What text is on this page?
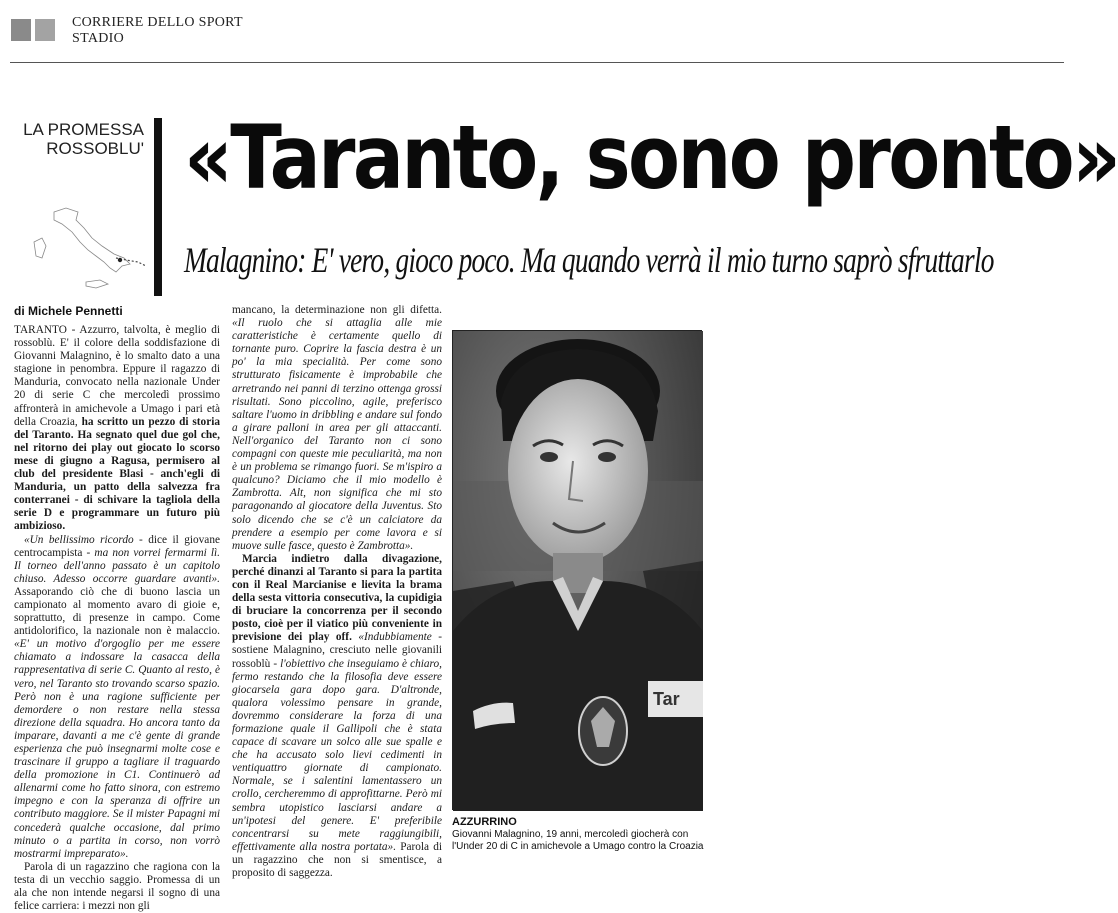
CORRIERE DELLO SPORT
STADIO
LA PROMESSA
ROSSOBLU' «Taranto, sono pronto»
Malagnino: E' vero, gioco poco. Ma quando verrà il mio turno saprò sfruttarlo
di Michele Pennetti

TARANTO - Azzurro, talvolta, è meglio di rossoblù. E' il colore della soddisfazione di Giovanni Malagnino, è lo smalto dato a una stagione in penombra. Eppure il ragazzo di Manduria, convocato nella nazionale Under 20 di serie C che mercoledì prossimo affronterà in amichevole a Umago i pari età della Croazia, ha scritto un pezzo di storia del Taranto. Ha segnato quel due gol che, nel ritorno dei play out giocato lo scorso mese di giugno a Ragusa, permisero al club del presidente Blasi - anch'egli di Manduria, un patto della salvezza fra conterranei - di schivare la tagliola della serie D e programmare un futuro più ambizioso.

«Un bellissimo ricordo - dice il giovane centrocampista - ma non vorrei fermarmi lì. Il torneo dell'anno passato è un capitolo chiuso. Adesso occorre guardare avanti». Assaporando ciò che di buono lascia un campionato al momento avaro di gioie e, soprattutto, di presenze in campo. Come antidolorifico, la nazionale non è malaccio. «E' un motivo d'orgoglio per me essere chiamato a indossare la casacca della rappresentativa di serie C. Quanto al resto, è vero, nel Taranto sto trovando scarso spazio. Però non è una ragione sufficiente per demordere o non restare nella stessa direzione della squadra. Ho ancora tanto da imparare, davanti a me c'è gente di grande esperienza che può insegnarmi molte cose e trascinare il gruppo a tagliare il traguardo della promozione in C1. Continuerò ad allenarmi come ho fatto sinora, con estremo impegno e con la speranza di offrire un contributo maggiore. Se il mister Papagni mi concederà qualche occasione, dal primo minuto o a partita in corso, non vorrò mostrarmi impreparato».

Parola di un ragazzino che ragiona con la testa di un vecchio saggio. Promessa di un ala che non intende negarsi il sogno di una felice carriera: i mezzi non gli

mancano, la determinazione non gli difetta. «Il ruolo che si attaglia alle mie caratteristiche è certamente quello di tornante puro. Coprire la fascia destra è un po' la mia specialità. Per come sono strutturato fisicamente è improbabile che arretrando nei panni di terzino ottenga grossi risultati. Sono piccolino, agile, preferisco saltare l'uomo in dribbling e andare sul fondo a girare palloni in area per gli attaccanti. Nell'organico del Taranto non ci sono compagni con queste mie peculiarità, ma non è un problema se rimango fuori. Se m'ispiro a qualcuno? Diciamo che il mio modello è Zambrotta. Alt, non significa che mi sto paragonando al giocatore della Juventus. Sto solo dicendo che se c'è un calciatore da prendere a esempio per come lavora e si muove sulle fasce, questo è Zambrotta».

Marcia indietro dalla divagazione, perché dinanzi al Taranto si para la partita con il Real Marcianise e lievita la brama della sesta vittoria consecutiva, la cupidigia di bruciare la concorrenza per il secondo posto, cioè per il viatico più conveniente in previsione dei play off. «Indubbiamente - sostiene Malagnino, cresciuto nelle giovanili rossoblù - l'obiettivo che inseguiamo è chiaro, fermo restando che la filosofia deve essere giocarsela gara dopo gara. D'altronde, qualora volessimo pensare in grande, dovremmo considerare la forza di una formazione quale il Gallipoli che è stata capace di scavare un solco alle sue spalle e che ha accusato solo lievi cedimenti in ventiquattro giornate di campionato. Normale, se i salentini lamentassero un crollo, cercheremmo di approfittarne. Però mi sembra utopistico lasciarsi andare a un'ipotesi del genere. E' preferibile concentrarsi su mete raggiungibili, effettivamente alla nostra portata». Parola di un ragazzino che non si smentisce, a proposito di saggezza.

Tar
AZZURRINO
Giovanni Malagnino, 19 anni, mercoledì giocherà con l'Under 20 di C in amichevole a Umago contro la Croazia
